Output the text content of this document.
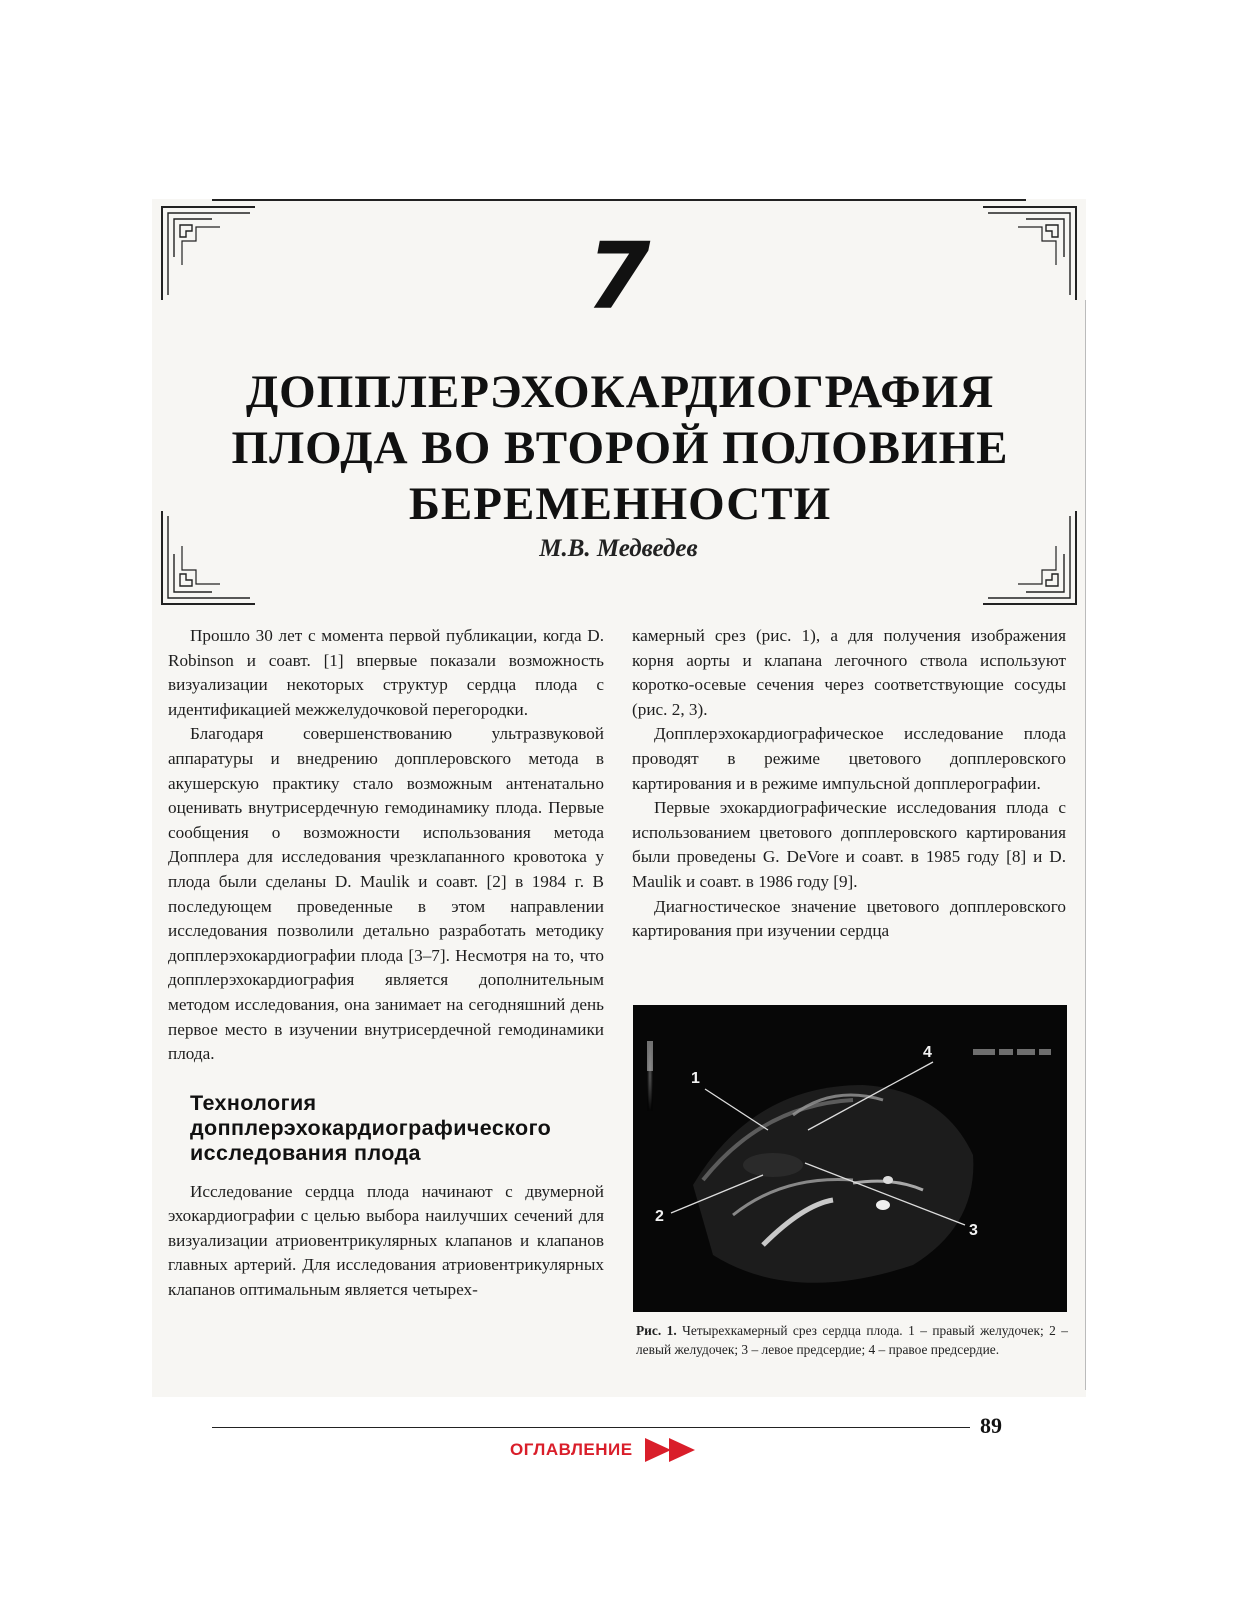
7
ДОППЛЕРЭХОКАРДИОГРАФИЯ
ПЛОДА ВО ВТОРОЙ ПОЛОВИНЕ
БЕРЕМЕННОСТИ
М.В. Медведев

Прошло 30 лет с момента первой публикации, когда D. Robinson и соавт. [1] впервые показали возможность визуализации некоторых структур сердца плода с идентификацией межжелудочковой перегородки.

Благодаря совершенствованию ультразвуковой аппаратуры и внедрению допплеровского метода в акушерскую практику стало возможным антенатально оценивать внутрисердечную гемодинамику плода. Первые сообщения о возможности использования метода Допплера для исследования чрезклапанного кровотока у плода были сделаны D. Maulik и соавт. [2] в 1984 г. В последующем проведенные в этом направлении исследования позволили детально разработать методику допплерэхокардиографии плода [3–7]. Несмотря на то, что допплерэхокардиография является дополнительным методом исследования, она занимает на сегодняшний день первое место в изучении внутрисердечной гемодинамики плода.

Технология допплерэхокардиографического исследования плода

Исследование сердца плода начинают с двумерной эхокардиографии с целью выбора наилучших сечений для визуализации атриовентрикулярных клапанов и клапанов главных артерий. Для исследования атриовентрикулярных клапанов оптимальным является четырех-

камерный срез (рис. 1), а для получения изображения корня аорты и клапана легочного ствола используют коротко-осевые сечения через соответствующие сосуды (рис. 2, 3).

Допплерэхокардиографическое исследование плода проводят в режиме цветового допплеровского картирования и в режиме импульсной допплерографии.

Первые эхокардиографические исследования плода с использованием цветового допплеровского картирования были проведены G. DeVore и соавт. в 1985 году [8] и D. Maulik и соавт. в 1986 году [9].

Диагностическое значение цветового допплеровского картирования при изучении сердца

1
2
3
4
Рис. 1. Четырехкамерный срез сердца плода. 1 – правый желудочек; 2 – левый желудочек; 3 – левое предсердие; 4 – правое предсердие.
89
ОГЛАВЛЕНИЕ
